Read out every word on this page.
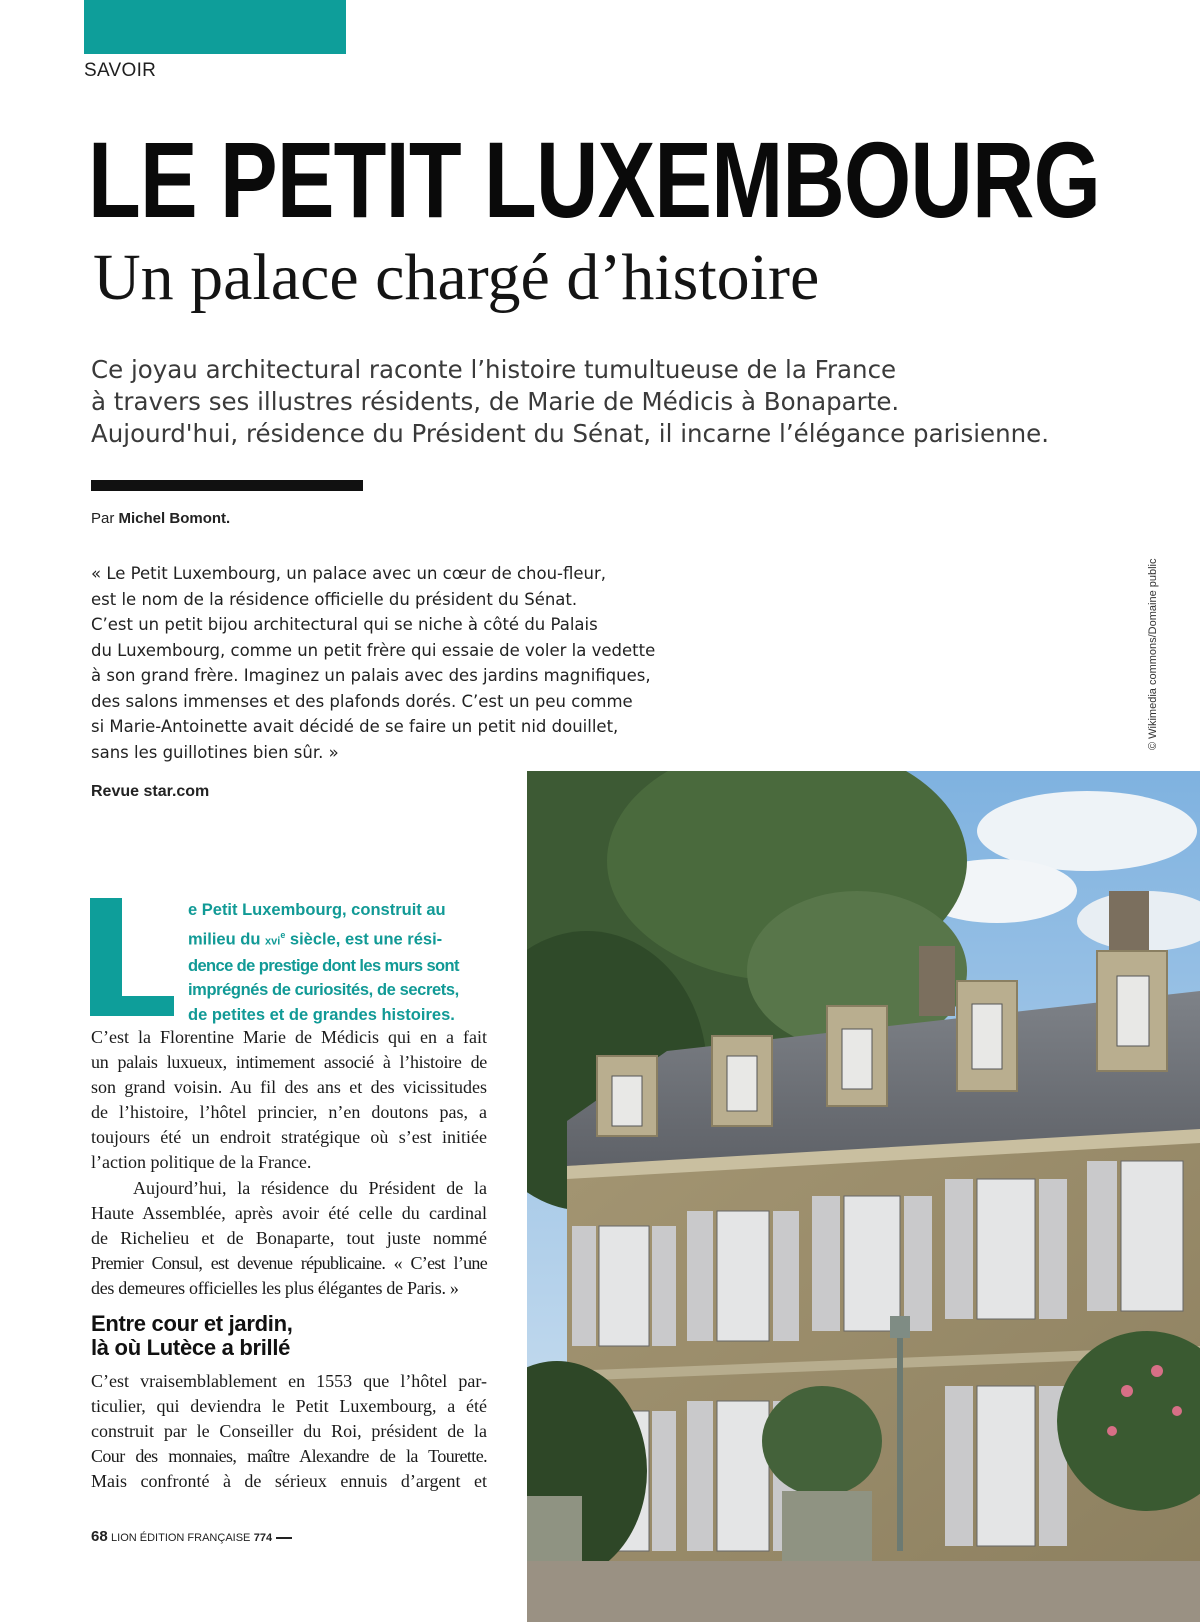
SAVOIR
LE PETIT LUXEMBOURG
Un palace chargé d’histoire
Ce joyau architectural raconte l’histoire tumultueuse de la France
à travers ses illustres résidents, de Marie de Médicis à Bonaparte.
Aujourd'hui, résidence du Président du Sénat, il incarne l’élégance parisienne.
Par Michel Bomont.
« Le Petit Luxembourg, un palace avec un cœur de chou-fleur,
est le nom de la résidence officielle du président du Sénat.
C’est un petit bijou architectural qui se niche à côté du Palais
du Luxembourg, comme un petit frère qui essaie de voler la vedette
à son grand frère. Imaginez un palais avec des jardins magnifiques,
des salons immenses et des plafonds dorés. C’est un peu comme
si Marie-Antoinette avait décidé de se faire un petit nid douillet,
sans les guillotines bien sûr. »
Revue star.com
© Wikimedia commons/Domaine public
e Petit Luxembourg, construit au
milieu du xvi$^e$ siècle, est une rési-
dence de prestige dont les murs sont
imprégnés de curiosités, de secrets,
de petites et de grandes histoires.
C’est la Florentine Marie de Médicis qui en a fait
un palais luxueux, intimement associé à l’histoire de
son grand voisin. Au fil des ans et des vicissitudes
de l’histoire, l’hôtel princier, n’en doutons pas, a
toujours été un endroit stratégique où s’est initiée
l’action politique de la France.
Aujourd’hui, la résidence du Président de la
Haute Assemblée, après avoir été celle du cardinal
de Richelieu et de Bonaparte, tout juste nommé
Premier Consul, est devenue républicaine. « C’est l’une
des demeures officielles les plus élégantes de Paris. »
Entre cour et jardin,
là où Lutèce a brillé
C’est vraisemblablement en 1553 que l’hôtel par-
ticulier, qui deviendra le Petit Luxembourg, a été
construit par le Conseiller du Roi, président de la
Cour des monnaies, maître Alexandre de la Tourette.
Mais confronté à de sérieux ennuis d’argent et
68 LION ÉDITION FRANÇAISE 774
